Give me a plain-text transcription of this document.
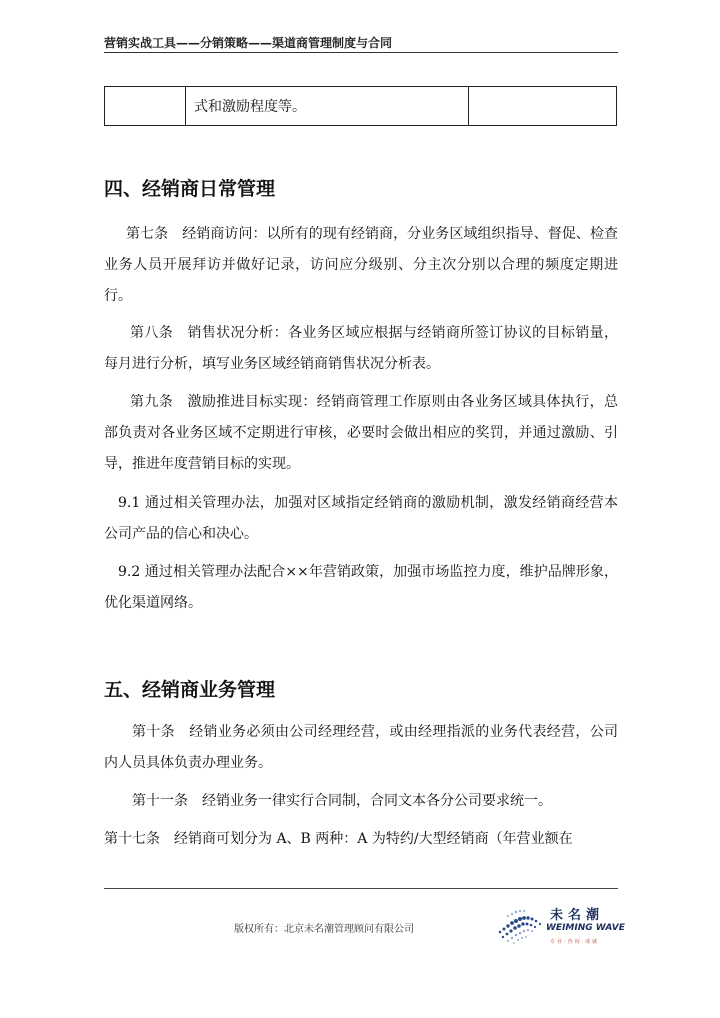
营销实战工具——分销策略——渠道商管理制度与合同
	式和激励程度等。	
四、经销商日常管理

第七条　经销商访问：以所有的现有经销商，分业务区域组织指导、督促、检查业务人员开展拜访并做好记录，访问应分级别、分主次分别以合理的频度定期进行。

第八条　销售状况分析：各业务区域应根据与经销商所签订协议的目标销量，每月进行分析，填写业务区域经销商销售状况分析表。

第九条　激励推进目标实现：经销商管理工作原则由各业务区域具体执行，总部负责对各业务区域不定期进行审核，必要时会做出相应的奖罚，并通过激励、引导，推进年度营销目标的实现。

9.1 通过相关管理办法，加强对区域指定经销商的激励机制，激发经销商经营本公司产品的信心和决心。

9.2 通过相关管理办法配合××年营销政策，加强市场监控力度，维护品牌形象，优化渠道网络。

五、经销商业务管理

第十条　经销业务必须由公司经理经营，或由经理指派的业务代表经营，公司内人员具体负责办理业务。

第十一条　经销业务一律实行合同制，合同文本各分公司要求统一。

第十七条　经销商可划分为 A、B 两种：A 为特约/大型经销商（年营业额在

版权所有：北京未名潮管理顾问有限公司
未名潮
WEIMING WAVE
专业·咨询·成就
